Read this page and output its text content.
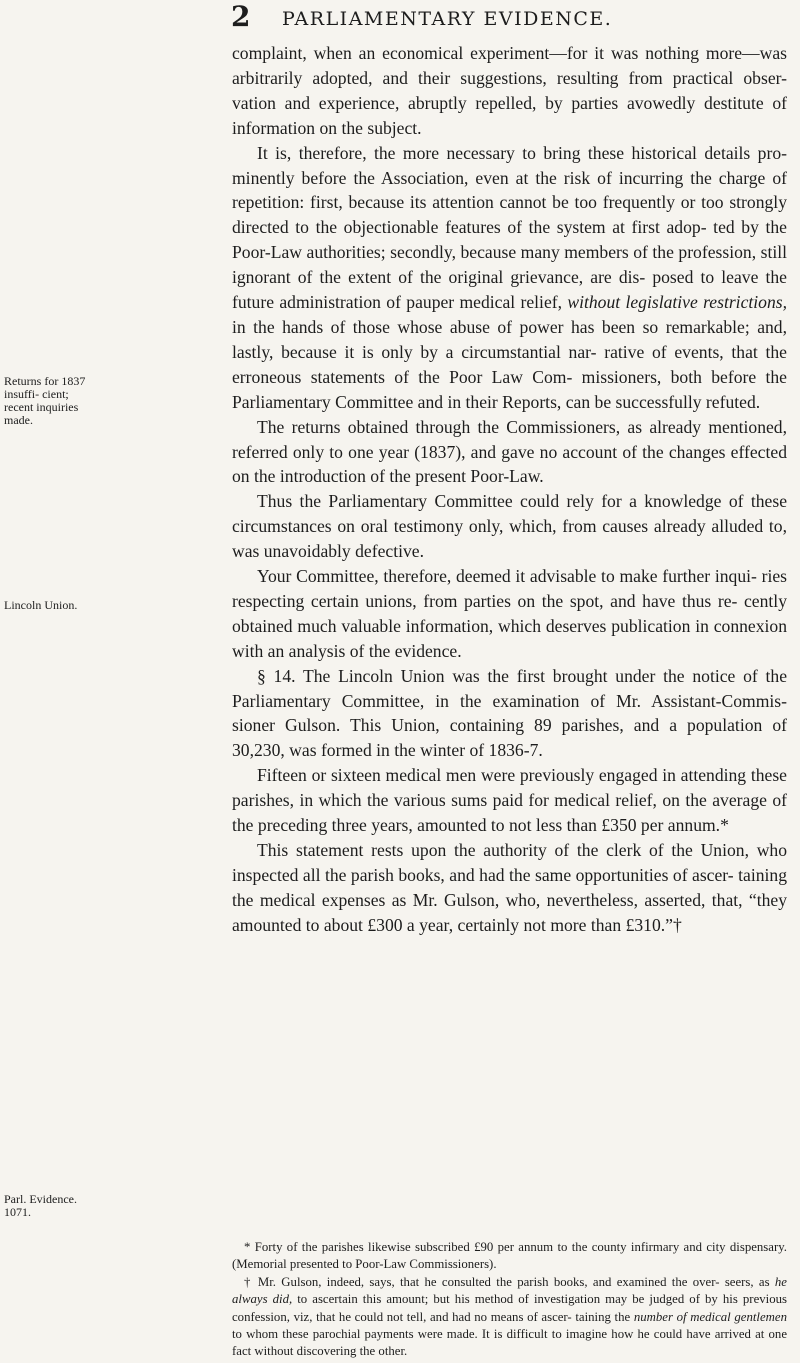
2 PARLIAMENTARY EVIDENCE.
Returns for 1837 insuffi- cient; recent inquiries made.
Lincoln Union.
Parl. Evidence. 1071.

complaint, when an economical experiment—for it was nothing more—was arbitrarily adopted, and their suggestions, resulting from practical obser- vation and experience, abruptly repelled, by parties avowedly destitute of information on the subject.

It is, therefore, the more necessary to bring these historical details pro- minently before the Association, even at the risk of incurring the charge of repetition: first, because its attention cannot be too frequently or too strongly directed to the objectionable features of the system at first adop- ted by the Poor-Law authorities; secondly, because many members of the profession, still ignorant of the extent of the original grievance, are dis- posed to leave the future administration of pauper medical relief, without legislative restrictions, in the hands of those whose abuse of power has been so remarkable; and, lastly, because it is only by a circumstantial nar- rative of events, that the erroneous statements of the Poor Law Com- missioners, both before the Parliamentary Committee and in their Reports, can be successfully refuted.

The returns obtained through the Commissioners, as already mentioned, referred only to one year (1837), and gave no account of the changes effected on the introduction of the present Poor-Law.

Thus the Parliamentary Committee could rely for a knowledge of these circumstances on oral testimony only, which, from causes already alluded to, was unavoidably defective.

Your Committee, therefore, deemed it advisable to make further inqui- ries respecting certain unions, from parties on the spot, and have thus re- cently obtained much valuable information, which deserves publication in connexion with an analysis of the evidence.

§ 14. The Lincoln Union was the first brought under the notice of the Parliamentary Committee, in the examination of Mr. Assistant-Commis- sioner Gulson. This Union, containing 89 parishes, and a population of 30,230, was formed in the winter of 1836-7.

Fifteen or sixteen medical men were previously engaged in attending these parishes, in which the various sums paid for medical relief, on the average of the preceding three years, amounted to not less than £350 per annum.*

This statement rests upon the authority of the clerk of the Union, who inspected all the parish books, and had the same opportunities of ascer- taining the medical expenses as Mr. Gulson, who, nevertheless, asserted, that, “they amounted to about £300 a year, certainly not more than £310.”†

* Forty of the parishes likewise subscribed £90 per annum to the county infirmary and city dispensary. (Memorial presented to Poor-Law Commissioners).

† Mr. Gulson, indeed, says, that he consulted the parish books, and examined the over- seers, as he always did, to ascertain this amount; but his method of investigation may be judged of by his previous confession, viz, that he could not tell, and had no means of ascer- taining the number of medical gentlemen to whom these parochial payments were made. It is difficult to imagine how he could have arrived at one fact without discovering the other.
